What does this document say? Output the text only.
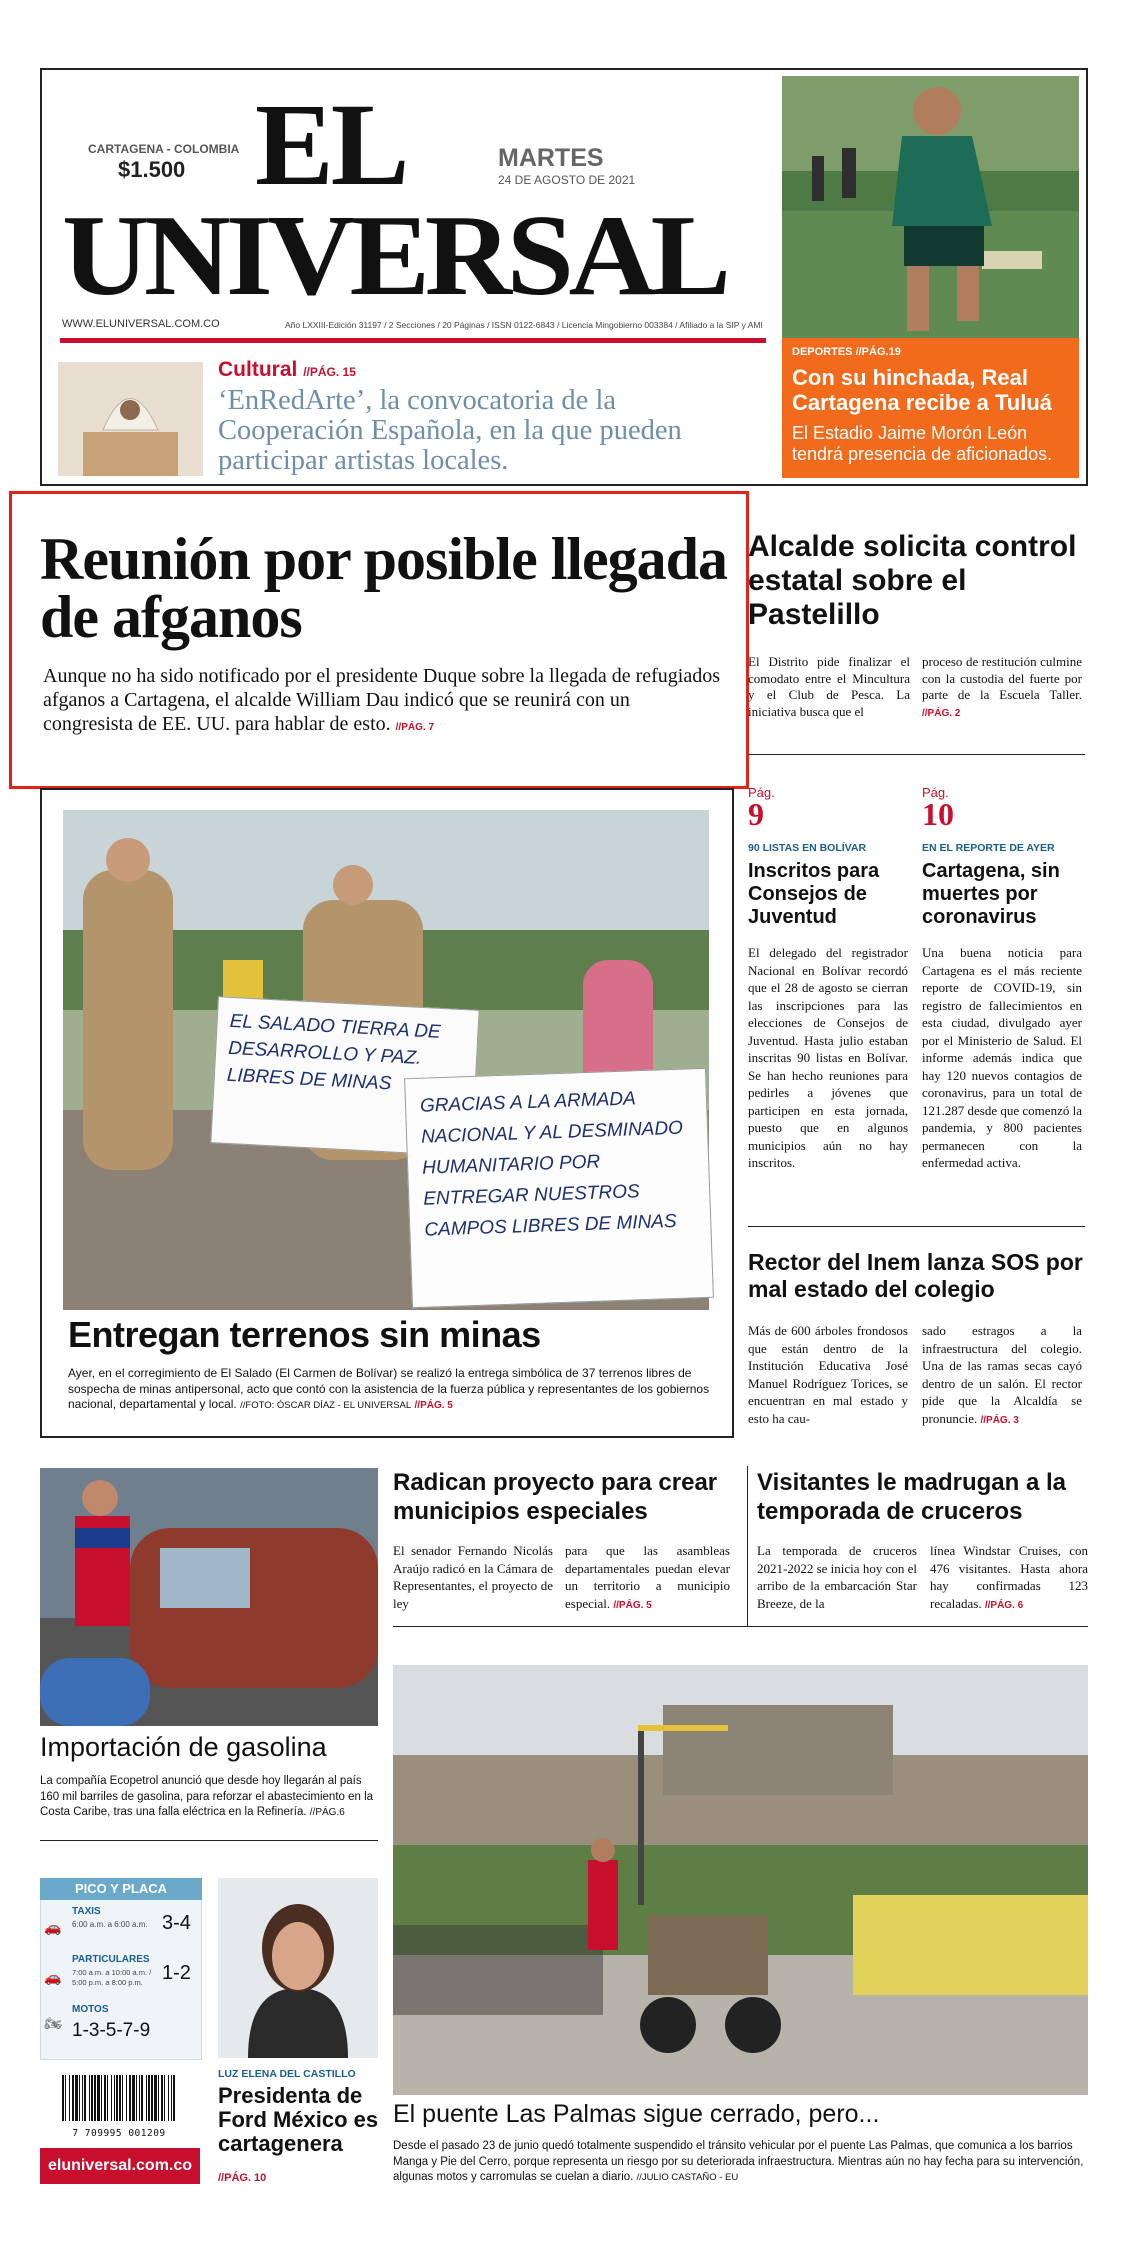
CARTAGENA - COLOMBIA
$1.500 EL
UNIVERSAL
MARTES
24 DE AGOSTO DE 2021
WWW.ELUNIVERSAL.COM.CO	Año LXXIII-Edición 31197 / 2 Secciones / 20 Páginas / ISSN 0122-6843 / Licencia Mingobierno 003384 / Afiliado a la SIP y AMI
DEPORTES //PÁG.19
Con su hinchada, Real Cartagena recibe a Tuluá
El Estadio Jaime Morón León tendrá presencia de aficionados.
Cultural //PÁG. 15
‘EnRedArte’, la convocatoria de la Cooperación Española, en la que pueden participar artistas locales.
Reunión por posible llegada de afganos
Aunque no ha sido notificado por el presidente Duque sobre la llegada de refugiados afganos a Cartagena, el alcalde William Dau indicó que se reunirá con un congresista de EE. UU. para hablar de esto. //PÁG. 7
Alcalde solicita control estatal sobre el Pastelillo
El Distrito pide finalizar el comodato entre el Mincultura y el Club de Pesca. La iniciativa busca que el
proceso de restitución culmine con la custodia del fuerte por parte de la Escuela Taller. //PÁG. 2
Pág.
9
90 LISTAS EN BOLÍVAR
Inscritos para Consejos de Juventud
El delegado del registrador Nacional en Bolívar recordó que el 28 de agosto se cierran las inscripciones para las elecciones de Consejos de Juventud. Hasta julio estaban inscritas 90 listas en Bolívar. Se han hecho reuniones para pedirles a jóvenes que participen en esta jornada, puesto que en algunos municipios aún no hay inscritos.
Pág.
10
EN EL REPORTE DE AYER
Cartagena, sin muertes por coronavirus
Una buena noticia para Cartagena es el más reciente reporte de COVID-19, sin registro de fallecimientos en esta ciudad, divulgado ayer por el Ministerio de Salud. El informe además indica que hay 120 nuevos contagios de coronavirus, para un total de 121.287 desde que comenzó la pandemia, y 800 pacientes permanecen con la enfermedad activa.
Rector del Inem lanza SOS por mal estado del colegio
Más de 600 árboles frondosos que están dentro de la Institución Educativa José Manuel Rodríguez Torices, se encuentran en mal estado y esto ha cau-
sado estragos a la infraestructura del colegio. Una de las ramas secas cayó dentro de un salón. El rector pide que la Alcaldía se pronuncie. //PÁG. 3
EL SALADO TIERRA DE DESARROLLO Y PAZ. LIBRES DE MINAS
GRACIAS A LA ARMADA NACIONAL Y AL DESMINADO HUMANITARIO POR ENTREGAR NUESTROS CAMPOS LIBRES DE MINAS
Entregan terrenos sin minas
Ayer, en el corregimiento de El Salado (El Carmen de Bolívar) se realizó la entrega simbólica de 37 terrenos libres de sospecha de minas antipersonal, acto que contó con la asistencia de la fuerza pública y representantes de los gobiernos nacional, departamental y local. //FOTO: ÓSCAR DÍAZ - EL UNIVERSAL //PÁG. 5
Importación de gasolina
La compañía Ecopetrol anunció que desde hoy llegarán al país 160 mil barriles de gasolina, para reforzar el abastecimiento en la Costa Caribe, tras una falla eléctrica en la Refinería. //PÁG.6
Radican proyecto para crear municipios especiales
El senador Fernando Nicolás Araújo radicó en la Cámara de Representantes, el proyecto de ley
para que las asambleas departamentales puedan elevar un territorio a municipio especial. //PÁG. 5
Visitantes le madrugan a la temporada de cruceros
La temporada de cruceros 2021-2022 se inicia hoy con el arribo de la embarcación Star Breeze, de la
línea Windstar Cruises, con 476 visitantes. Hasta ahora hay confirmadas 123 recaladas. //PÁG. 6
El puente Las Palmas sigue cerrado, pero...
Desde el pasado 23 de junio quedó totalmente suspendido el tránsito vehicular por el puente Las Palmas, que comunica a los barrios Manga y Pie del Cerro, porque representa un riesgo por su deteriorada infraestructura. Mientras aún no hay fecha para su intervención, algunas motos y carromulas se cuelan a diario. //JULIO CASTAÑO - EU
PICO Y PLACA
🚗
TAXIS
6:00 a.m. a 6:00 a.m. 3-4
🚗
PARTICULARES
7:00 a.m. a 10:00 a.m. / 5:00 p.m. a 8:00 p.m. 1-2
🏍
MOTOS
1-3-5-7-9
LUZ ELENA DEL CASTILLO
Presidenta de Ford México es cartagenera
//PÁG. 10
7 709995 001209
eluniversal.com.co
